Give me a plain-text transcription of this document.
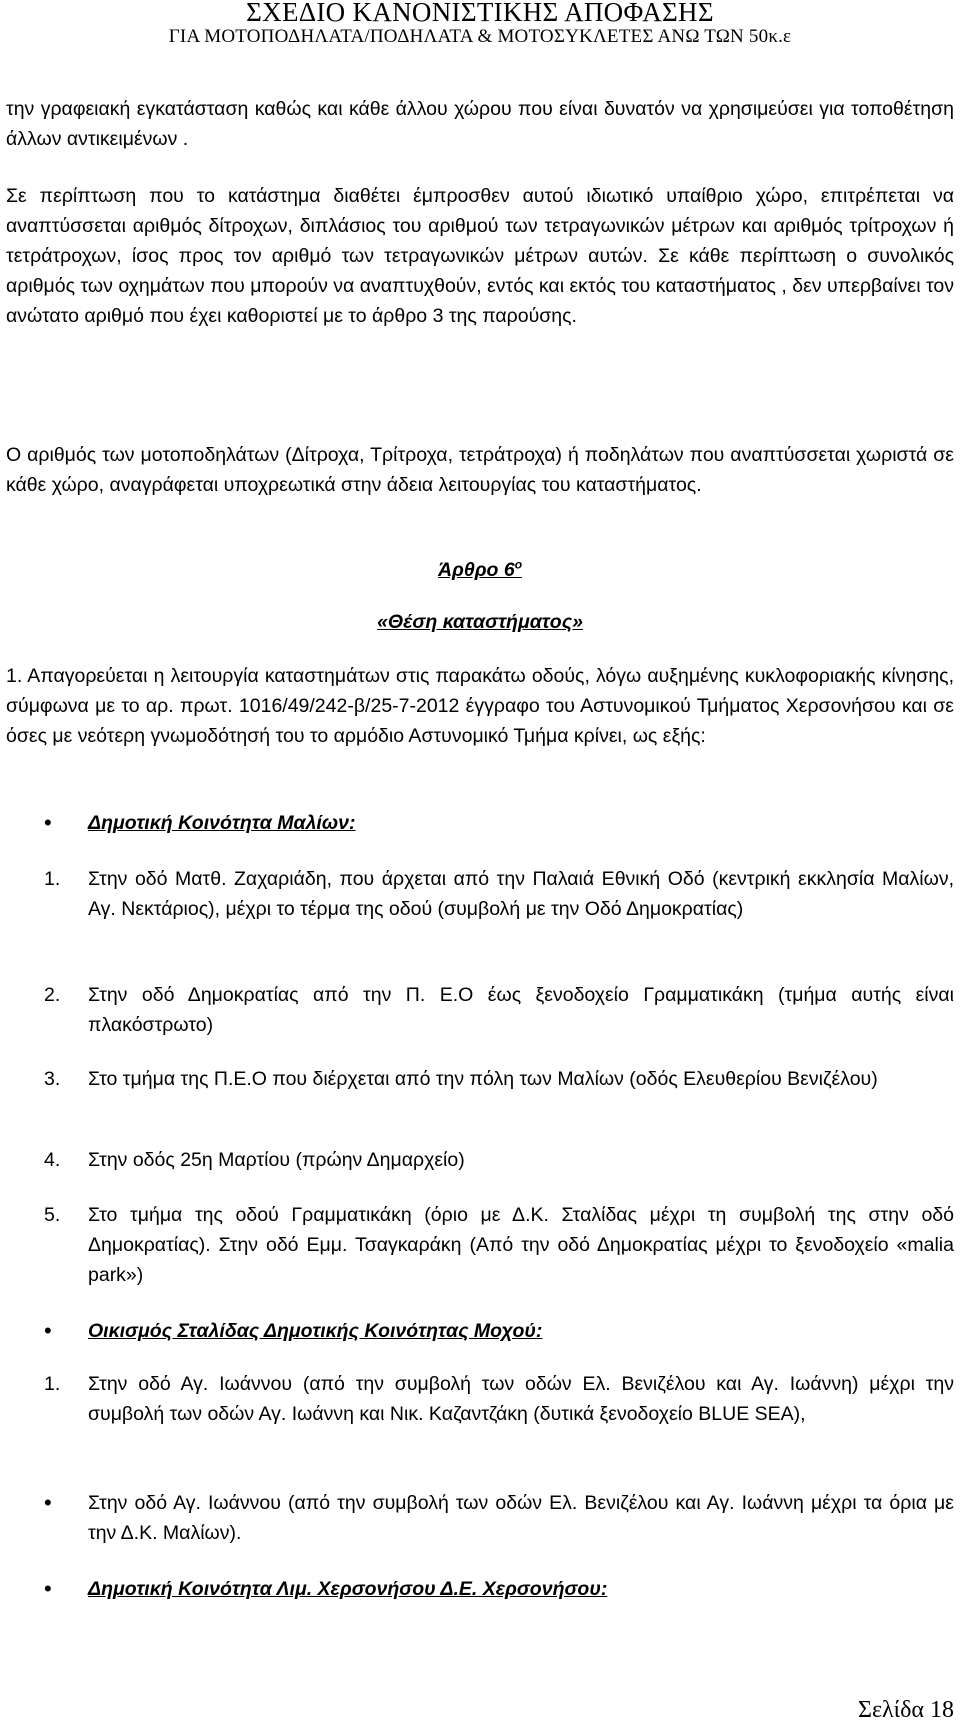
ΣΧΕΔΙΟ ΚΑΝΟΝΙΣΤΙΚΗΣ ΑΠΟΦΑΣΗΣ
ΓΙΑ ΜΟΤΟΠΟΔΗΛΑΤΑ/ΠΟΔΗΛΑΤΑ & ΜΟΤΟΣΥΚΛΕΤΕΣ ΑΝΩ ΤΩΝ 50κ.ε
την γραφειακή εγκατάσταση καθώς και κάθε άλλου χώρου που είναι δυνατόν να χρησιμεύσει για τοποθέτηση άλλων αντικειμένων .
Σε περίπτωση που το κατάστημα διαθέτει έμπροσθεν αυτού ιδιωτικό υπαίθριο χώρο, επιτρέπεται να αναπτύσσεται αριθμός δίτροχων, διπλάσιος του αριθμού των τετραγωνικών μέτρων και αριθμός τρίτροχων ή τετράτροχων, ίσος προς τον αριθμό των τετραγωνικών μέτρων αυτών. Σε κάθε περίπτωση ο συνολικός αριθμός των οχημάτων που μπορούν να αναπτυχθούν, εντός και εκτός του καταστήματος , δεν υπερβαίνει τον ανώτατο αριθμό που έχει καθοριστεί με το άρθρο 3 της παρούσης.
Ο αριθμός των μοτοποδηλάτων (Δίτροχα, Τρίτροχα, τετράτροχα) ή ποδηλάτων που αναπτύσσεται χωριστά σε κάθε χώρο, αναγράφεται υποχρεωτικά στην άδεια λειτουργίας του καταστήματος.
Άρθρο $6^o$
«Θέση καταστήματος»
1. Απαγορεύεται η λειτουργία καταστημάτων στις παρακάτω οδούς, λόγω αυξημένης κυκλοφοριακής κίνησης, σύμφωνα με το αρ. πρωτ. 1016/49/242-β/25-7-2012 έγγραφο του Αστυνομικού Τμήματος Χερσονήσου και σε όσες με νεότερη γνωμοδότησή του το αρμόδιο Αστυνομικό Τμήμα κρίνει, ως εξής:
•	Δημοτική Κοινότητα Μαλίων:
1.	Στην οδό Ματθ. Ζαχαριάδη, που άρχεται από την Παλαιά Εθνική Οδό (κεντρική εκκλησία Μαλίων, Αγ. Νεκτάριος), μέχρι το τέρμα της οδού (συμβολή με την Οδό Δημοκρατίας)
2.	Στην οδό Δημοκρατίας από την Π. Ε.Ο έως ξενοδοχείο Γραμματικάκη (τμήμα αυτής είναι πλακόστρωτο)
3.	Στο τμήμα της Π.Ε.Ο που διέρχεται από την πόλη των Μαλίων (οδός Ελευθερίου Βενιζέλου)
4.	Στην οδός 25η Μαρτίου (πρώην Δημαρχείο)
5.	Στο τμήμα της οδού Γραμματικάκη (όριο με Δ.Κ. Σταλίδας μέχρι τη συμβολή της στην οδό Δημοκρατίας). Στην οδό Εμμ. Τσαγκαράκη (Από την οδό Δημοκρατίας μέχρι το ξενοδοχείο «malia park»)
•	Οικισμός Σταλίδας Δημοτικής Κοινότητας Μοχού:
1.	Στην οδό Αγ. Ιωάννου (από την συμβολή των οδών Ελ. Βενιζέλου και Αγ. Ιωάννη) μέχρι την συμβολή των οδών Αγ. Ιωάννη και Νικ. Καζαντζάκη (δυτικά ξενοδοχείο BLUE SEA),
•	Στην οδό Αγ. Ιωάννου (από την συμβολή των οδών Ελ. Βενιζέλου και Αγ. Ιωάννη μέχρι τα όρια με την Δ.Κ. Μαλίων).
•	Δημοτική Κοινότητα Λιμ. Χερσονήσου Δ.Ε. Χερσονήσου:
Σελίδα 18
